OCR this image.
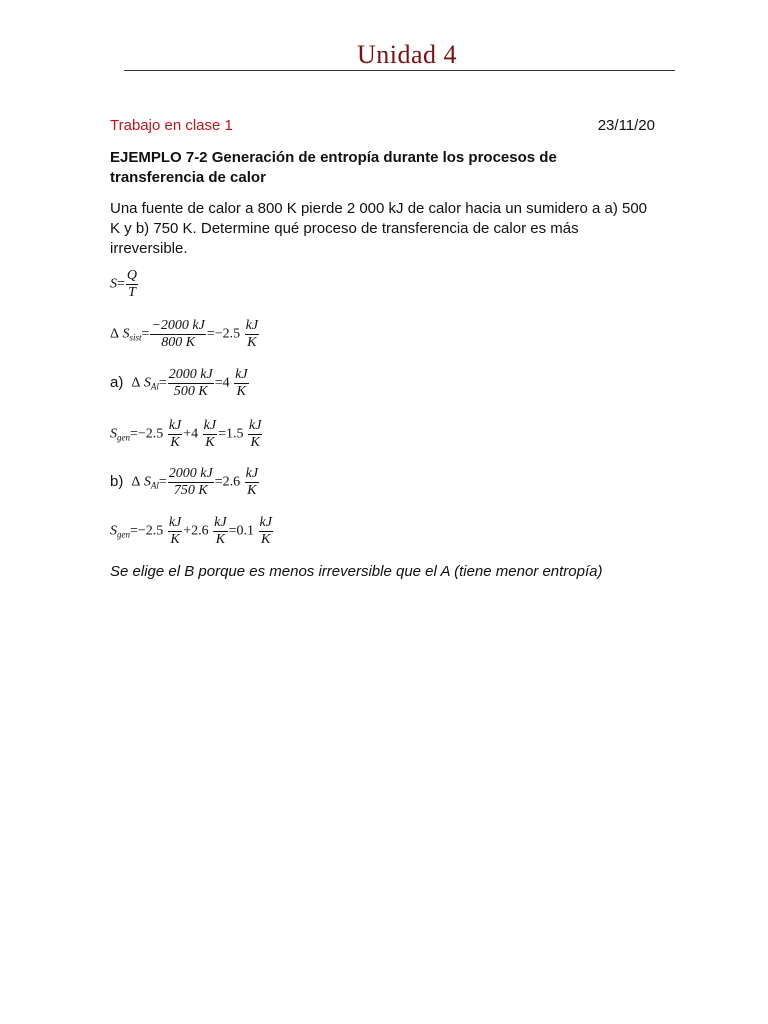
Unidad 4
Trabajo en clase 1	23/11/20
EJEMPLO 7-2 Generación de entropía durante los procesos de transferencia de calor
Una fuente de calor a 800 K pierde 2 000 kJ de calor hacia un sumidero a a) 500 K y b) 750 K. Determine qué proceso de transferencia de calor es más irreversible.
$S= \frac{Q}{T}$
Δ $S_{sist}= \frac{-2000 kJ}{800 K} =-2.5 \frac{kJ}{K}$
a) Δ $S_{Al}= \frac{2000 kJ}{500 K} =4 \frac{kJ}{K}$
$S_{gen}=-2.5 \frac{kJ}{K} +4 \frac{kJ}{K} =1.5 \frac{kJ}{K}$
b) Δ $S_{Al}= \frac{2000 kJ}{750 K} =2.6 \frac{kJ}{K}$
$S_{gen}=-2.5 \frac{kJ}{K} +2.6 \frac{kJ}{K} =0.1 \frac{kJ}{K}$
Se elige el B porque es menos irreversible que el A (tiene menor entropía)
